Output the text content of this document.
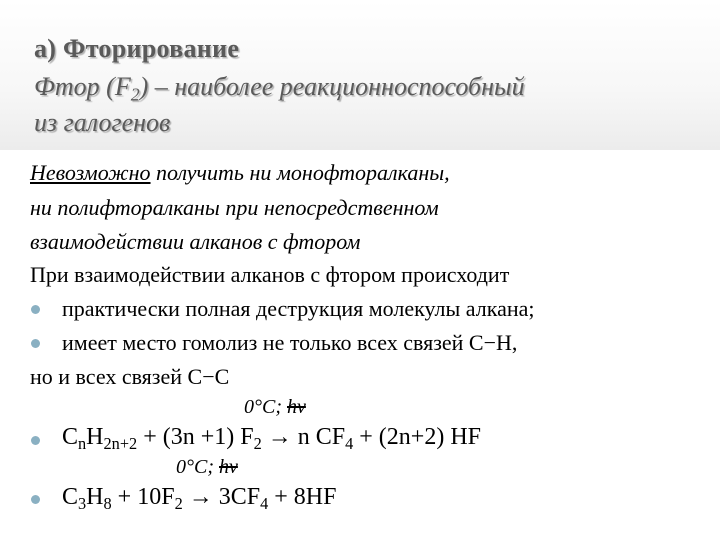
а) Фторирование
Фтор $(F_2)$ – наиболее реакционноспособный
из галогенов
Невозможно получить ни монофторалканы,
ни полифторалканы при непосредственном
взаимодействии алканов с фтором
При взаимодействии алканов с фтором происходит
практически полная деструкция молекулы алкана;
имеет место гомолиз не только всех связей С−Н,
но и всех связей С−С
0°С; hν
$C_nH_{2n+2} + (3n +1) F_2 \to n$ $CF_4 + (2n+2)$ HF
0°С; hν
$C_3H_8 + 10F_2 \to 3CF_4 + 8HF$
